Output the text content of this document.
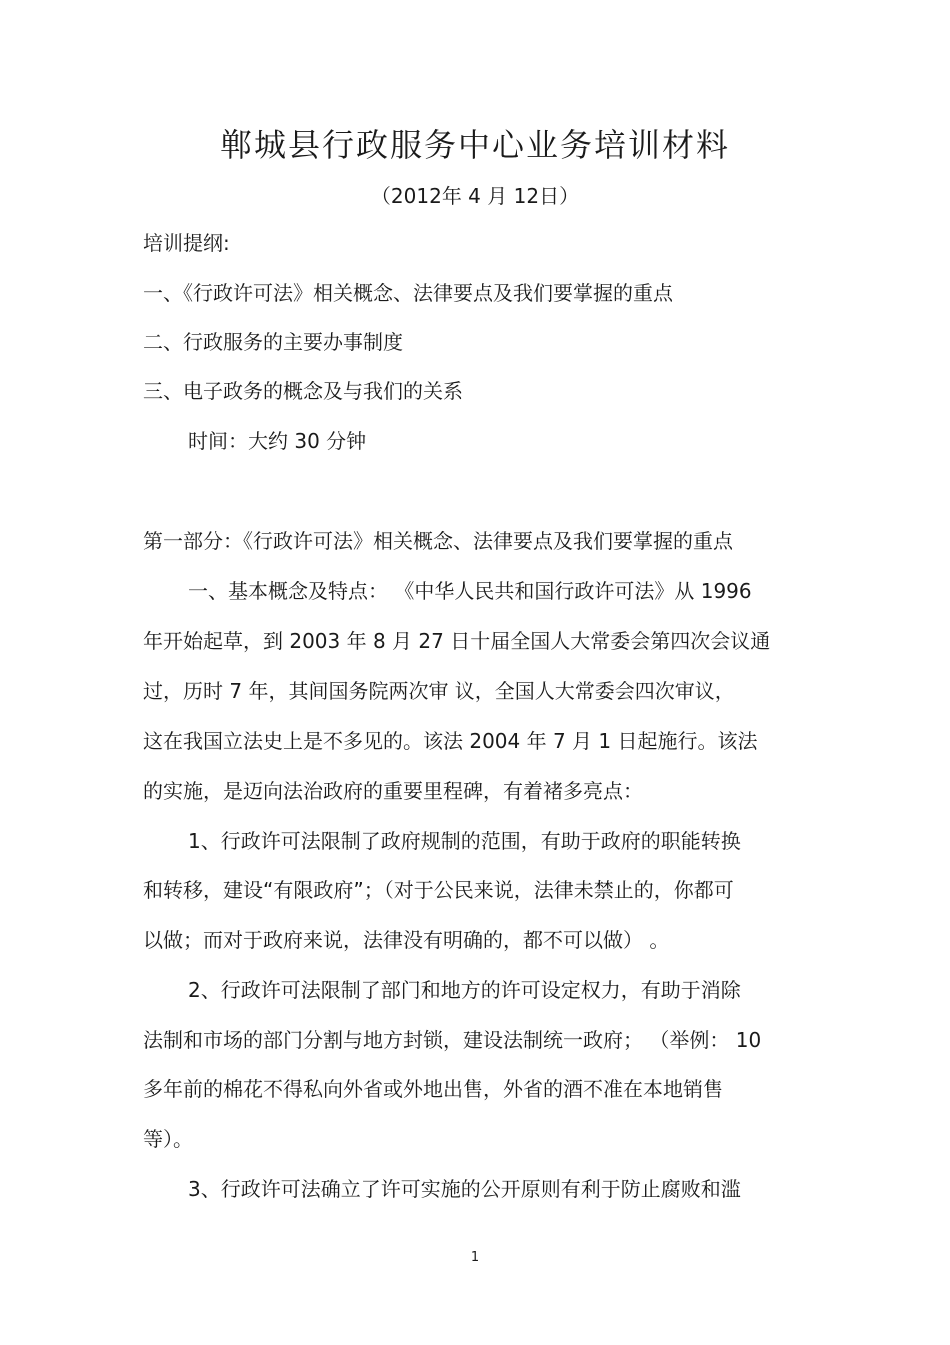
郸城县行政服务中心业务培训材料

（2012年 4 月 12日）

培训提纲:

一、《行政许可法》相关概念、法律要点及我们要掌握的重点

二、行政服务的主要办事制度

三、电子政务的概念及与我们的关系

时间：大约 30 分钟

第一部分：《行政许可法》相关概念、法律要点及我们要掌握的重点

一、基本概念及特点： 《中华人民共和国行政许可法》从 1996

年开始起草，到 2003 年 8 月 27 日十届全国人大常委会第四次会议通

过，历时 7 年，其间国务院两次审 议，全国人大常委会四次审议，

这在我国立法史上是不多见的。该法 2004 年 7 月 1 日起施行。该法

的实施，是迈向法治政府的重要里程碑，有着褚多亮点：

1、行政许可法限制了政府规制的范围，有助于政府的职能转换

和转移，建设“有限政府”；（对于公民来说，法律未禁止的，你都可

以做；而对于政府来说，法律没有明确的，都不可以做） 。

2、行政许可法限制了部门和地方的许可设定权力，有助于消除

法制和市场的部门分割与地方封锁，建设法制统一政府； （举例： 10

多年前的棉花不得私向外省或外地出售，外省的酒不准在本地销售

等）。

3、行政许可法确立了许可实施的公开原则有利于防止腐败和滥

1
